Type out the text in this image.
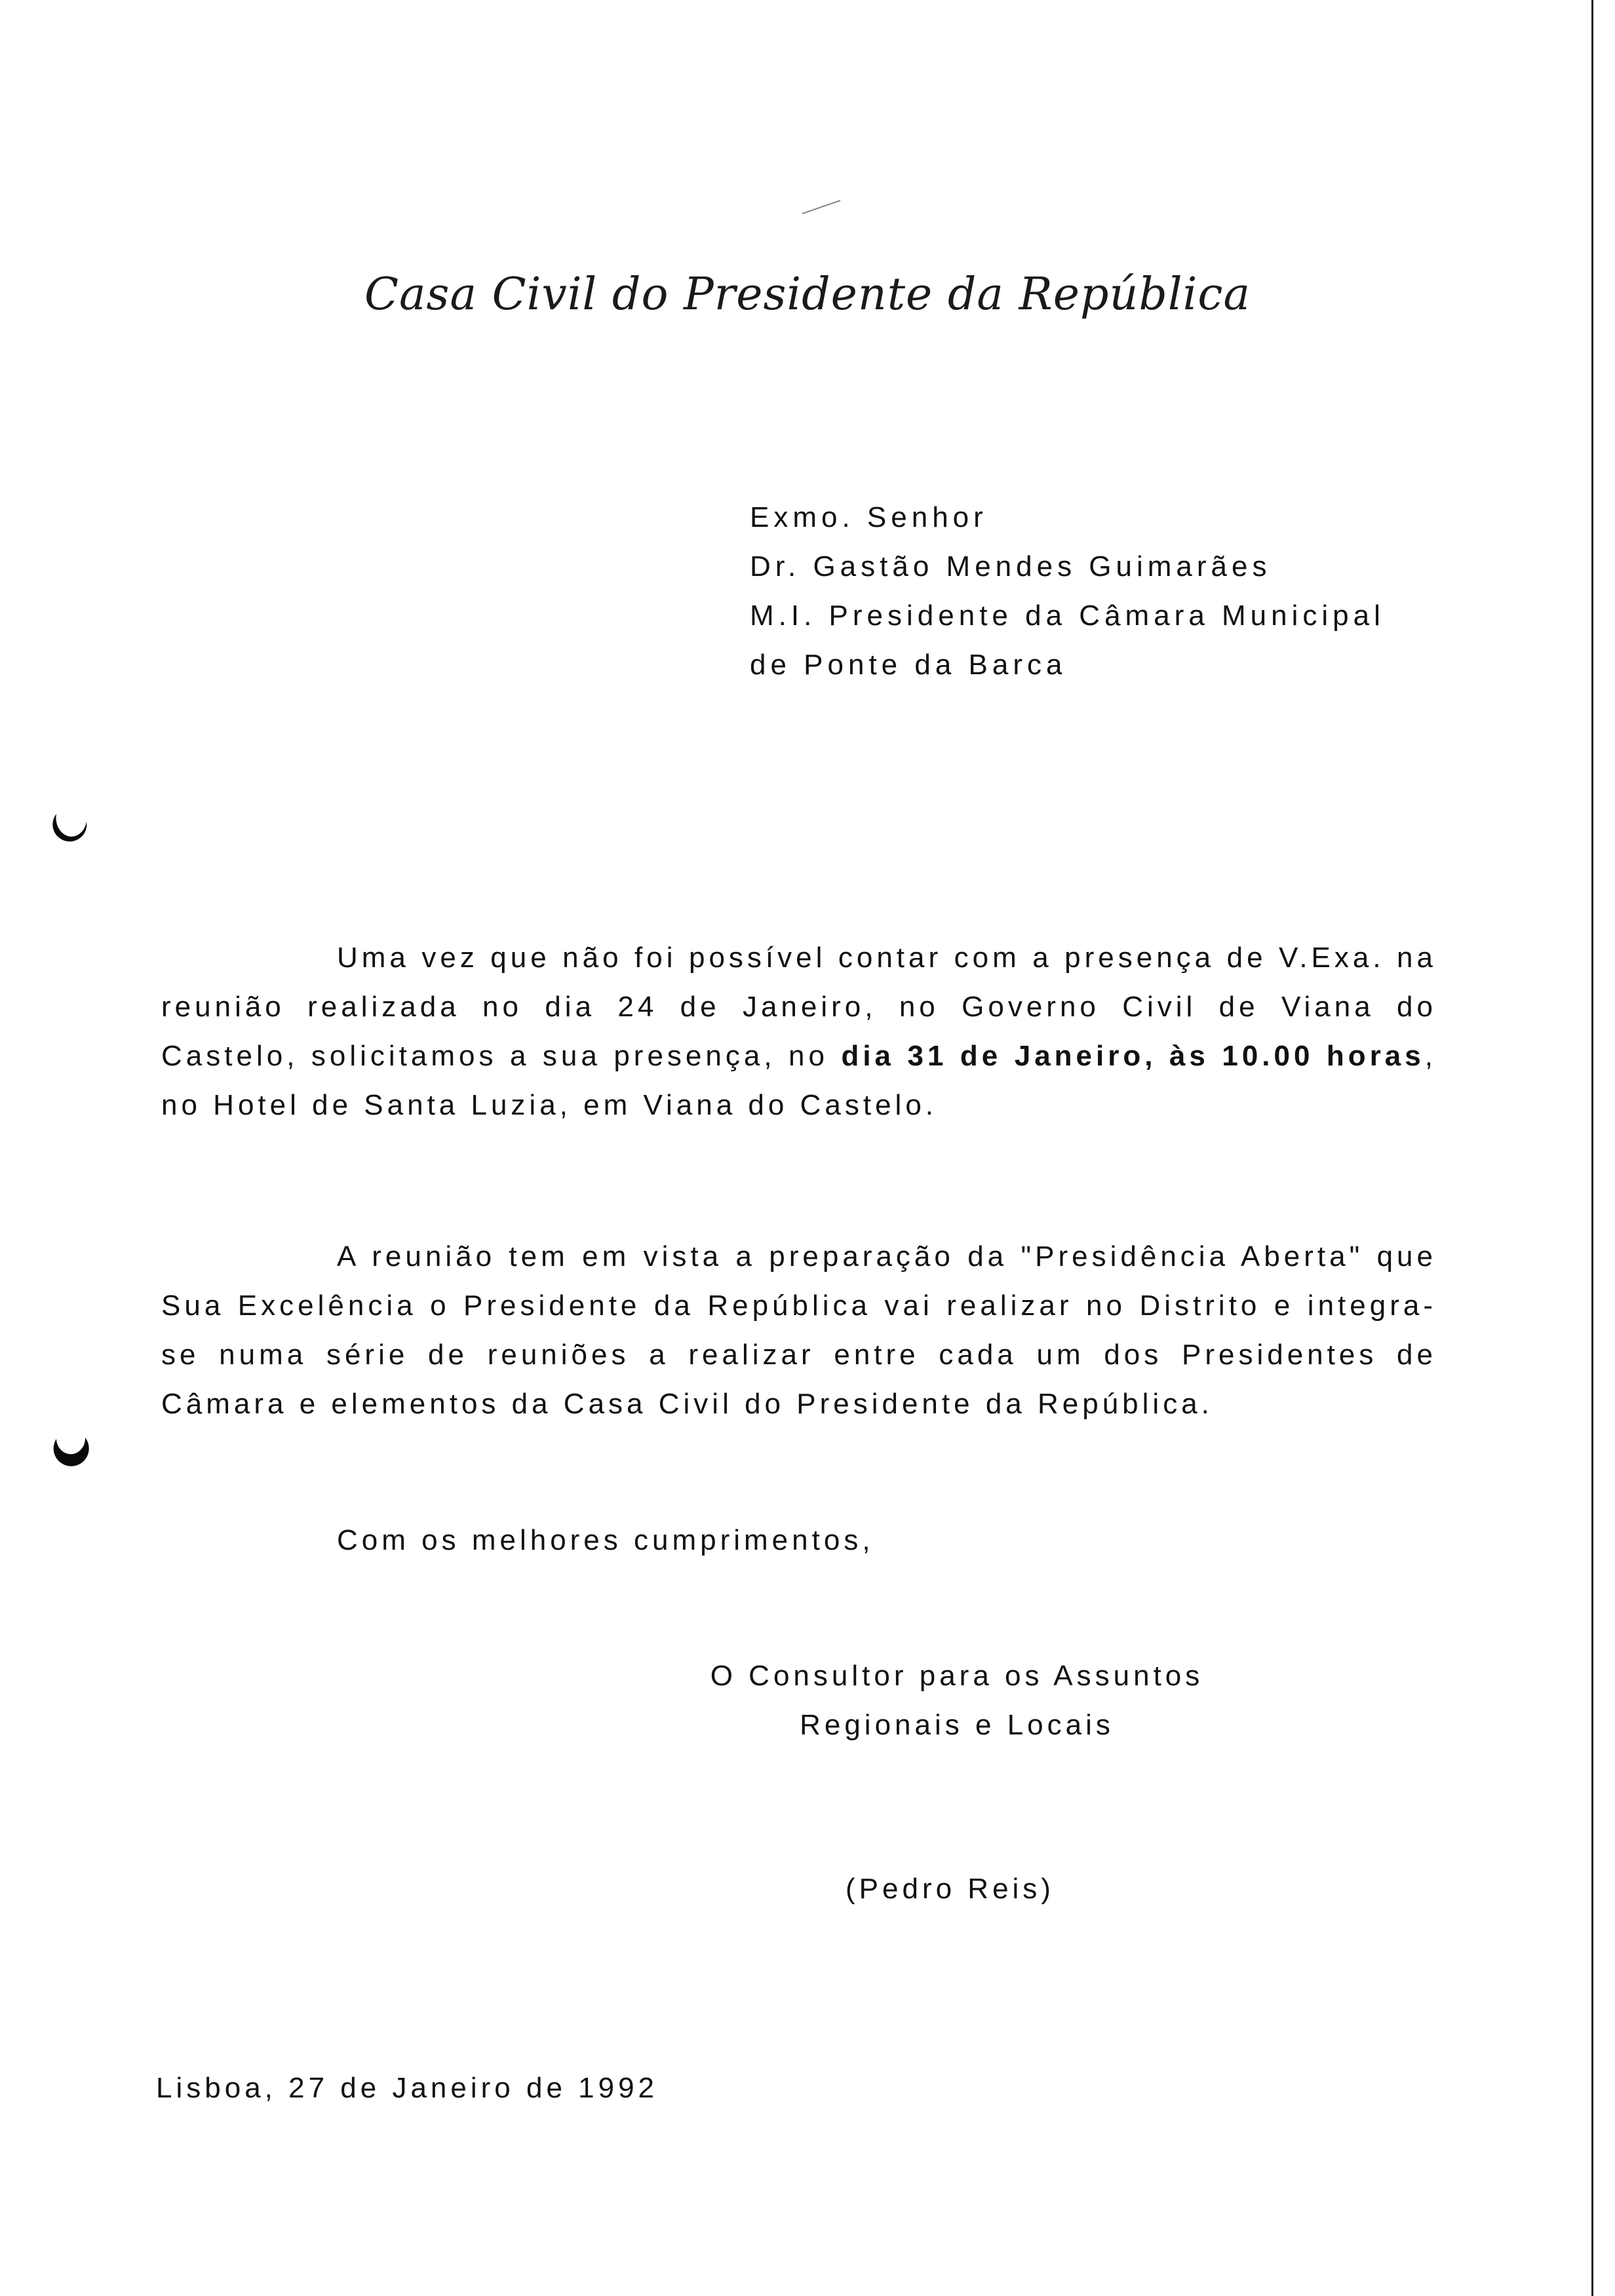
Casa Civil do Presidente da República
Exmo. Senhor
Dr. Gastão Mendes Guimarães
M.I. Presidente da Câmara Municipal
de Ponte da Barca
Uma vez que não foi possível contar com a presença de V.Exa. na reunião realizada no dia 24 de Janeiro, no Governo Civil de Viana do Castelo, solicitamos a sua presença, no dia 31 de Janeiro, às 10.00 horas, no Hotel de Santa Luzia, em Viana do Castelo.
A reunião tem em vista a preparação da "Presidência Aberta" que Sua Excelência o Presidente da República vai realizar no Distrito e integra-se numa série de reuniões a realizar entre cada um dos Presidentes de Câmara e elementos da Casa Civil do Presidente da República.
Com os melhores cumprimentos,
O Consultor para os Assuntos
Regionais e Locais
(Pedro Reis)
Lisboa, 27 de Janeiro de 1992
